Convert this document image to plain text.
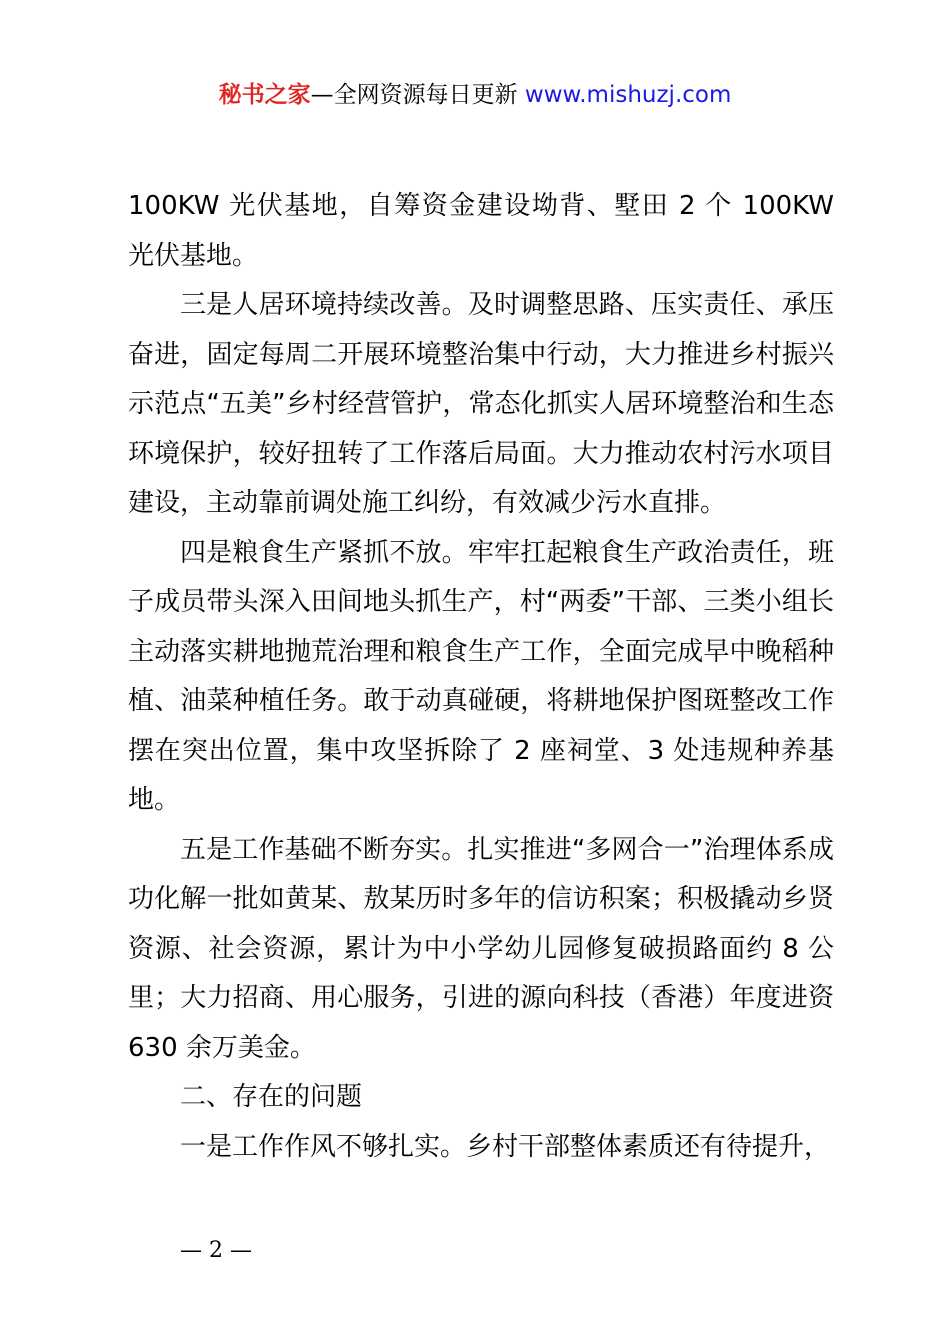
秘书之家—全网资源每日更新 www.mishuzj.com

100KW 光伏基地，自筹资金建设坳背、墅田 2 个 100KW 光伏基地。

三是人居环境持续改善。及时调整思路、压实责任、承压奋进，固定每周二开展环境整治集中行动，大力推进乡村振兴示范点“五美”乡村经营管护，常态化抓实人居环境整治和生态环境保护，较好扭转了工作落后局面。大力推动农村污水项目建设，主动靠前调处施工纠纷，有效减少污水直排。

四是粮食生产紧抓不放。牢牢扛起粮食生产政治责任，班子成员带头深入田间地头抓生产，村“两委”干部、三类小组长主动落实耕地抛荒治理和粮食生产工作，全面完成早中晚稻种植、油菜种植任务。敢于动真碰硬，将耕地保护图斑整改工作摆在突出位置，集中攻坚拆除了 2 座祠堂、3 处违规种养基地。

五是工作基础不断夯实。扎实推进“多网合一”治理体系成功化解一批如黄某、敖某历时多年的信访积案；积极撬动乡贤资源、社会资源，累计为中小学幼儿园修复破损路面约 8 公里；大力招商、用心服务，引进的源向科技（香港）年度进资630 余万美金。

二、存在的问题

一是工作作风不够扎实。乡村干部整体素质还有待提升，

— 2 —
